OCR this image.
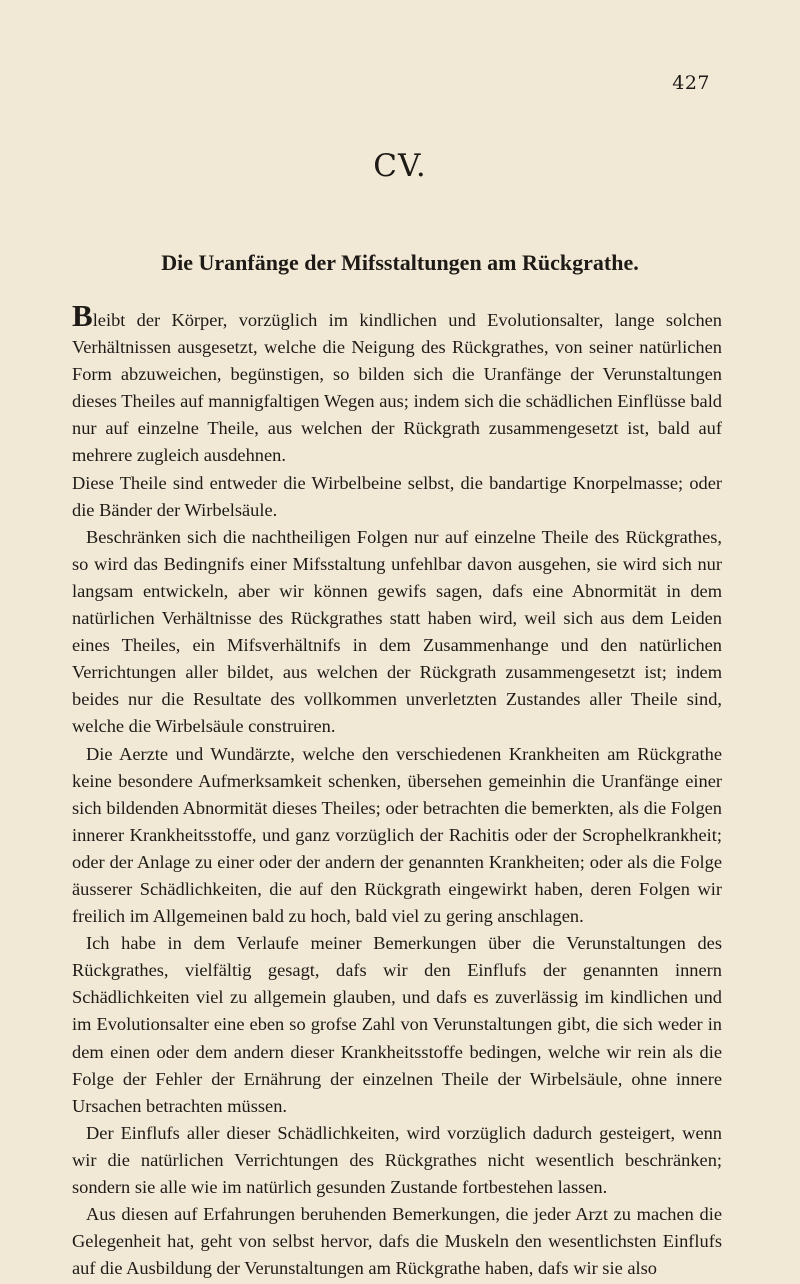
427
CV.
Die Uranfänge der Mifsstaltungen am Rückgrathe.

Bleibt der Körper, vorzüglich im kindlichen und Evolutionsalter, lange solchen Verhältnissen ausgesetzt, welche die Neigung des Rückgrathes, von seiner natürlichen Form abzuweichen, begünstigen, so bilden sich die Uranfänge der Verunstaltungen dieses Theiles auf mannigfaltigen Wegen aus; indem sich die schädlichen Einflüsse bald nur auf einzelne Theile, aus welchen der Rückgrath zusammengesetzt ist, bald auf mehrere zugleich ausdehnen.

Diese Theile sind entweder die Wirbelbeine selbst, die bandartige Knorpelmasse; oder die Bänder der Wirbelsäule.

Beschränken sich die nachtheiligen Folgen nur auf einzelne Theile des Rückgrathes, so wird das Bedingnifs einer Mifsstaltung unfehlbar davon ausgehen, sie wird sich nur langsam entwickeln, aber wir können gewifs sagen, dafs eine Abnormität in dem natürlichen Verhältnisse des Rückgrathes statt haben wird, weil sich aus dem Leiden eines Theiles, ein Mifsverhältnifs in dem Zusammenhange und den natürlichen Verrichtungen aller bildet, aus welchen der Rückgrath zusammengesetzt ist; indem beides nur die Resultate des vollkommen unverletzten Zustandes aller Theile sind, welche die Wirbelsäule construiren.

Die Aerzte und Wundärzte, welche den verschiedenen Krankheiten am Rückgrathe keine besondere Aufmerksamkeit schenken, übersehen gemeinhin die Uranfänge einer sich bildenden Abnormität dieses Theiles; oder betrachten die bemerkten, als die Folgen innerer Krankheitsstoffe, und ganz vorzüglich der Rachitis oder der Scrophelkrankheit; oder der Anlage zu einer oder der andern der genannten Krankheiten; oder als die Folge äusserer Schädlichkeiten, die auf den Rückgrath eingewirkt haben, deren Folgen wir freilich im Allgemeinen bald zu hoch, bald viel zu gering anschlagen.

Ich habe in dem Verlaufe meiner Bemerkungen über die Verunstaltungen des Rückgrathes, vielfältig gesagt, dafs wir den Einflufs der genannten innern Schädlichkeiten viel zu allgemein glauben, und dafs es zuverlässig im kindlichen und im Evolutionsalter eine eben so grofse Zahl von Verunstaltungen gibt, die sich weder in dem einen oder dem andern dieser Krankheitsstoffe bedingen, welche wir rein als die Folge der Fehler der Ernährung der einzelnen Theile der Wirbelsäule, ohne innere Ursachen betrachten müssen.

Der Einflufs aller dieser Schädlichkeiten, wird vorzüglich dadurch gesteigert, wenn wir die natürlichen Verrichtungen des Rückgrathes nicht wesentlich beschränken; sondern sie alle wie im natürlich gesunden Zustande fortbestehen lassen.

Aus diesen auf Erfahrungen beruhenden Bemerkungen, die jeder Arzt zu machen die Gelegenheit hat, geht von selbst hervor, dafs die Muskeln den wesentlichsten Einflufs auf die Ausbildung der Verunstaltungen am Rückgrathe haben, dafs wir sie also
